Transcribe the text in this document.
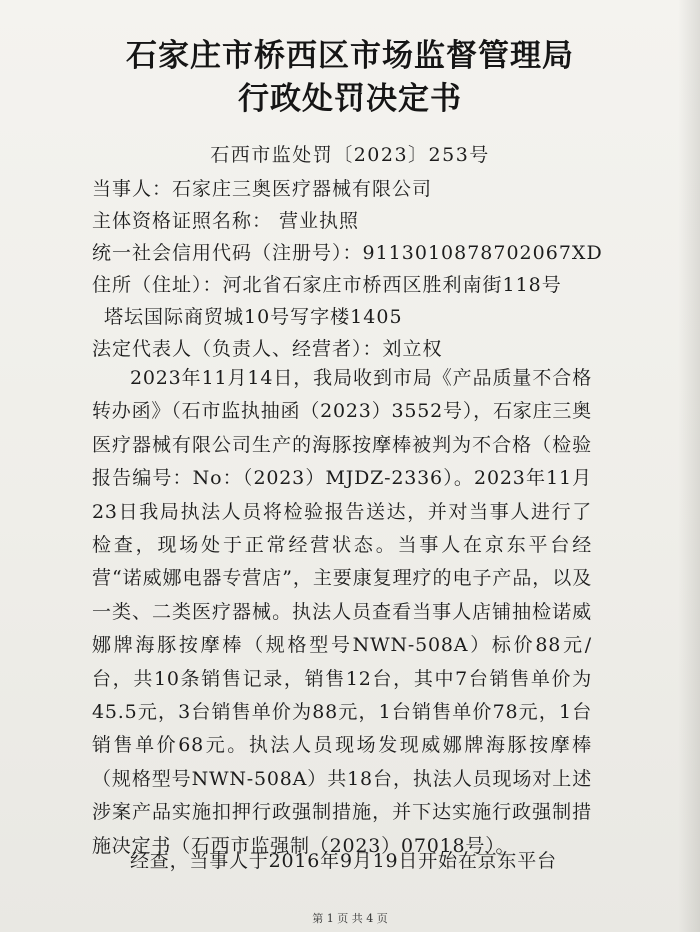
石家庄市桥西区市场监督管理局
行政处罚决定书
石西市监处罚〔2023〕253号
当事人：石家庄三奥医疗器械有限公司
主体资格证照名称： 营业执照
统一社会信用代码（注册号）：9113010878702067XD
住所（住址）：河北省石家庄市桥西区胜利南街118号
塔坛国际商贸城10号写字楼1405
法定代表人（负责人、经营者）：刘立权
2023年11月14日，我局收到市局《产品质量不合格转办函》（石市监执抽函（2023）3552号），石家庄三奥医疗器械有限公司生产的海豚按摩棒被判为不合格（检验报告编号：No：（2023）MJDZ-2336）。2023年11月23日我局执法人员将检验报告送达，并对当事人进行了检查，现场处于正常经营状态。当事人在京东平台经营“诺威娜电器专营店”，主要康复理疗的电子产品，以及一类、二类医疗器械。执法人员查看当事人店铺抽检诺威娜牌海豚按摩棒（规格型号NWN-508A）标价88元/台，共10条销售记录，销售12台，其中7台销售单价为45.5元，3台销售单价为88元，1台销售单价78元，1台销售单价68元。执法人员现场发现威娜牌海豚按摩棒（规格型号NWN-508A）共18台，执法人员现场对上述涉案产品实施扣押行政强制措施，并下达实施行政强制措施决定书（石西市监强制（2023）07018号）。
经查，当事人于2016年9月19日开始在京东平台
第 1 页 共 4 页
